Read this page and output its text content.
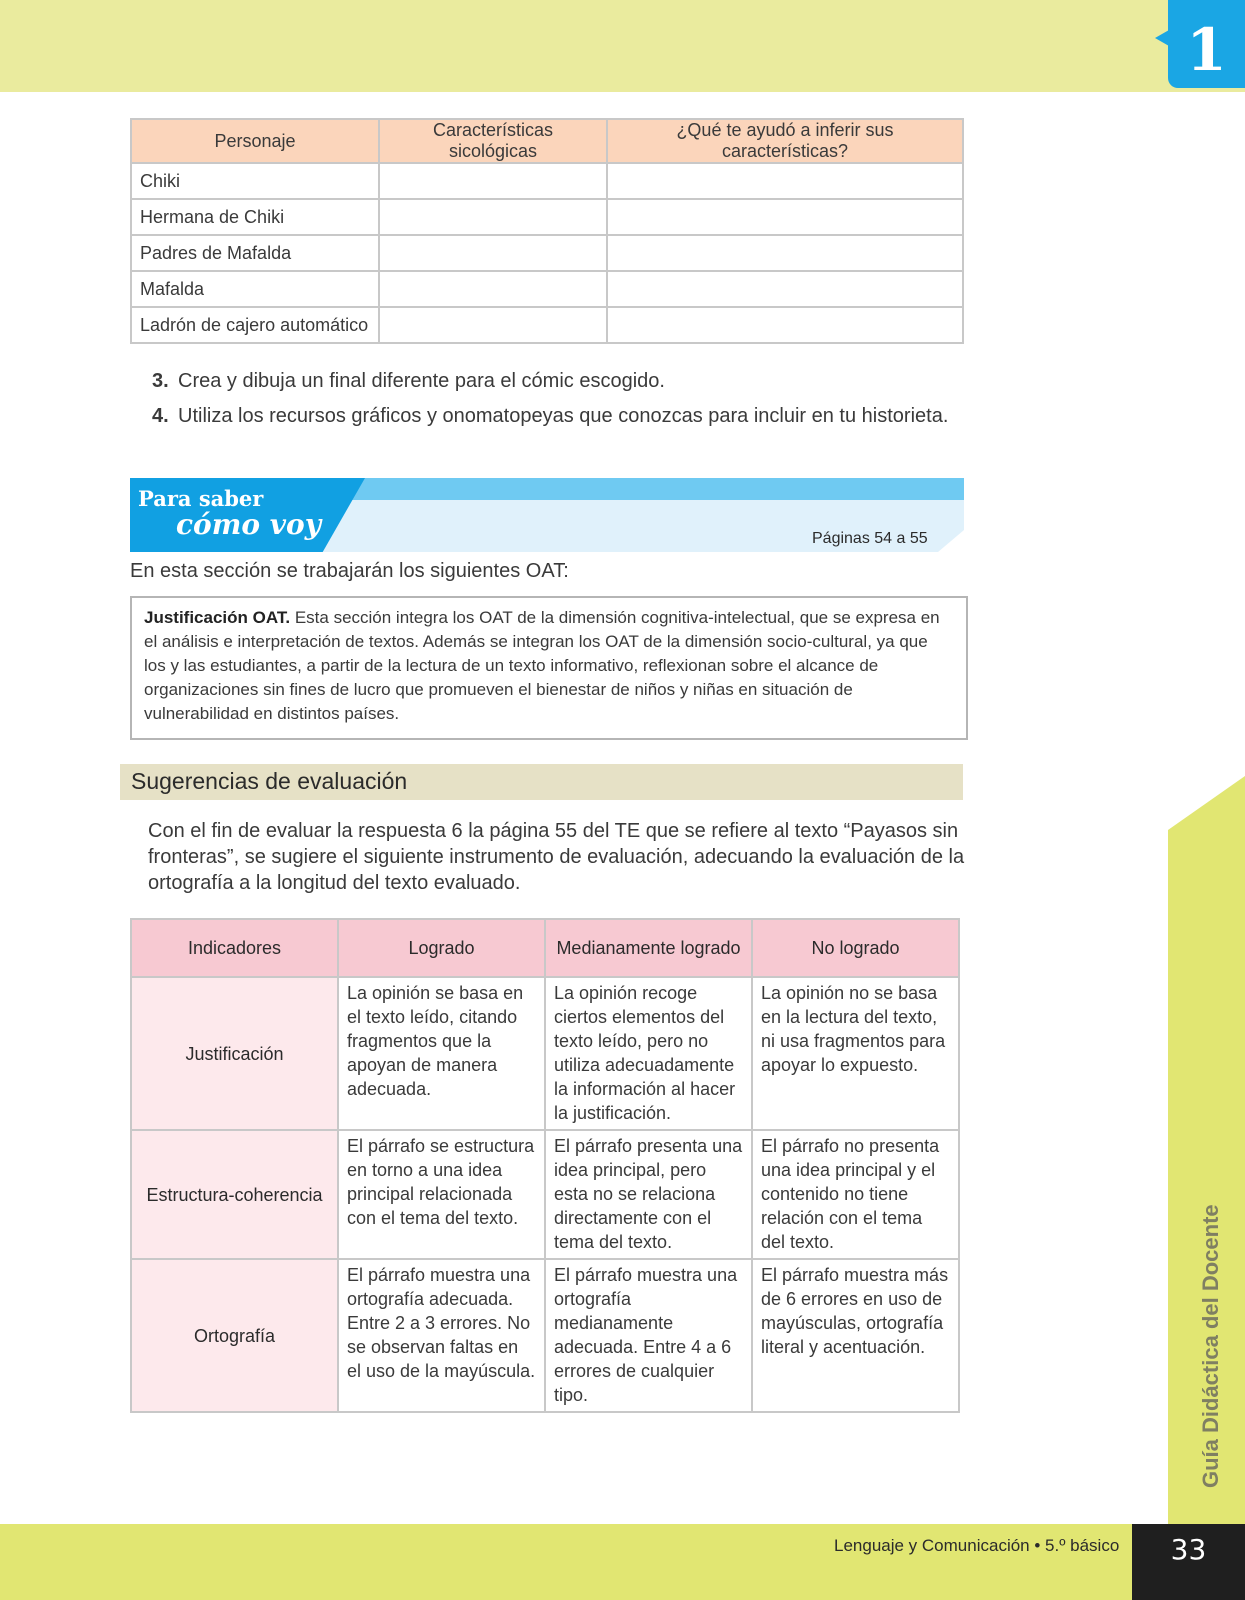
1
Personaje	Características sicológicas	¿Qué te ayudó a inferir sus características?
Chiki		
Hermana de Chiki		
Padres de Mafalda		
Mafalda		
Ladrón de cajero automático		
3. Crea y dibuja un final diferente para el cómic escogido.
4. Utiliza los recursos gráficos y onomatopeyas que conozcas para incluir en tu historieta.
Para saber
cómo voy	Páginas 54 a 55
En esta sección se trabajarán los siguientes OAT:
Justificación OAT. Esta sección integra los OAT de la dimensión cognitiva-intelectual, que se expresa en el análisis e interpretación de textos. Además se integran los OAT de la dimensión socio-cultural, ya que los y las estudiantes, a partir de la lectura de un texto informativo, reflexionan sobre el alcance de organizaciones sin fines de lucro que promueven el bienestar de niños y niñas en situación de vulnerabilidad en distintos países.
Sugerencias de evaluación
Con el fin de evaluar la respuesta 6 la página 55 del TE que se refiere al texto “Payasos sin fronteras”, se sugiere el siguiente instrumento de evaluación, adecuando la evaluación de la ortografía a la longitud del texto evaluado.
Indicadores	Logrado	Medianamente logrado	No logrado
Justificación	La opinión se basa en el texto leído, citando fragmentos que la apoyan de manera adecuada.	La opinión recoge ciertos elementos del texto leído, pero no utiliza adecuadamente la información al hacer la justificación.	La opinión no se basa en la lectura del texto, ni usa fragmentos para apoyar lo expuesto.
Estructura-coherencia	El párrafo se estructura en torno a una idea principal relacionada con el tema del texto.	El párrafo presenta una idea principal, pero esta no se relaciona directamente con el tema del texto.	El párrafo no presenta una idea principal y el contenido no tiene relación con el tema del texto.
Ortografía	El párrafo muestra una ortografía adecuada. Entre 2 a 3 errores. No se observan faltas en el uso de la mayúscula.	El párrafo muestra una ortografía medianamente adecuada. Entre 4 a 6 errores de cualquier tipo.	El párrafo muestra más de 6 errores en uso de mayúsculas, ortografía literal y acentuación.	Guía Didáctica del Docente
Lenguaje y Comunicación • 5.º básico	33
